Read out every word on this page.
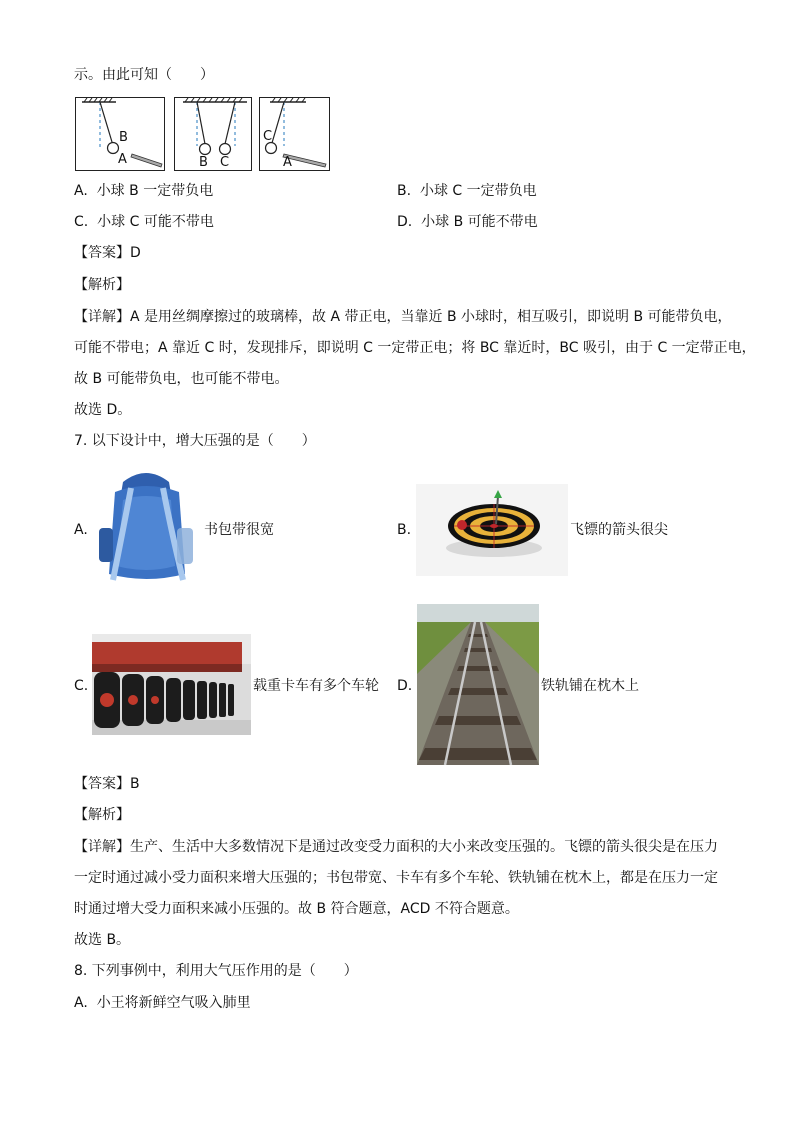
示。由此可知（　　）
B
A	B C
C
A
A. 小球 B 一定带负电	B. 小球 C 一定带负电
C. 小球 C 可能不带电	D. 小球 B 可能不带电
【答案】D
【解析】
【详解】A 是用丝绸摩擦过的玻璃棒，故 A 带正电，当靠近 B 小球时，相互吸引，即说明 B 可能带负电，
可能不带电；A 靠近 C 时，发现排斥，即说明 C 一定带正电；将 BC 靠近时，BC 吸引，由于 C 一定带正电，
故 B 可能带负电，也可能不带电。
故选 D。
7. 以下设计中，增大压强的是（　　）
A.	书包带很宽	B.	飞镖的箭头很尖
C.	载重卡车有多个车轮 D.	铁轨铺在枕木上
【答案】B
【解析】
【详解】生产、生活中大多数情况下是通过改变受力面积的大小来改变压强的。飞镖的箭头很尖是在压力
一定时通过减小受力面积来增大压强的；书包带宽、卡车有多个车轮、铁轨铺在枕木上，都是在压力一定
时通过增大受力面积来减小压强的。故 B 符合题意，ACD 不符合题意。
故选 B。
8. 下列事例中，利用大气压作用的是（　　）
A. 小王将新鲜空气吸入肺里
